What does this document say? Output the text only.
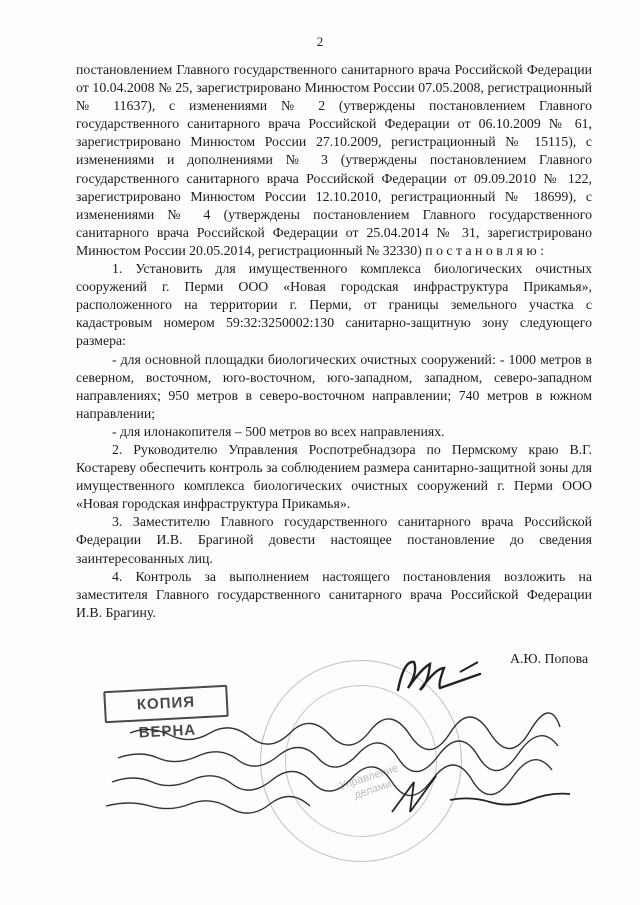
2

постановлением Главного государственного санитарного врача Российской Федерации от 10.04.2008 № 25, зарегистрировано Минюстом России 07.05.2008, регистрационный № 11637), с изменениями № 2 (утверждены постановлением Главного государственного санитарного врача Российской Федерации от 06.10.2009 № 61, зарегистрировано Минюстом России 27.10.2009, регистрационный № 15115), с изменениями и дополнениями № 3 (утверждены постановлением Главного государственного санитарного врача Российской Федерации от 09.09.2010 № 122, зарегистрировано Минюстом России 12.10.2010, регистрационный № 18699), с изменениями № 4 (утверждены постановлением Главного государственного санитарного врача Российской Федерации от 25.04.2014 № 31, зарегистрировано Минюстом России 20.05.2014, регистрационный № 32330) п о с т а н о в л я ю :

1. Установить для имущественного комплекса биологических очистных сооружений г. Перми ООО «Новая городская инфраструктура Прикамья», расположенного на территории г. Перми, от границы земельного участка с кадастровым номером 59:32:3250002:130 санитарно-защитную зону следующего размера:

- для основной площадки биологических очистных сооружений: - 1000 метров в северном, восточном, юго-восточном, юго-западном, западном, северо-западном направлениях; 950 метров в северо-восточном направлении; 740 метров в южном направлении;

- для илонакопителя – 500 метров во всех направлениях.

2. Руководителю Управления Роспотребнадзора по Пермскому краю В.Г. Костареву обеспечить контроль за соблюдением размера санитарно-защитной зоны для имущественного комплекса биологических очистных сооружений г. Перми ООО «Новая городская инфраструктура Прикамья».

3. Заместителю Главного государственного санитарного врача Российской Федерации И.В. Брагиной довести настоящее постановление до сведения заинтересованных лиц.

4. Контроль за выполнением настоящего постановления возложить на заместителя Главного государственного санитарного врача Российской Федерации И.В. Брагину.

Управление делами
А.Ю. Попова
КОПИЯ ВЕРНА
